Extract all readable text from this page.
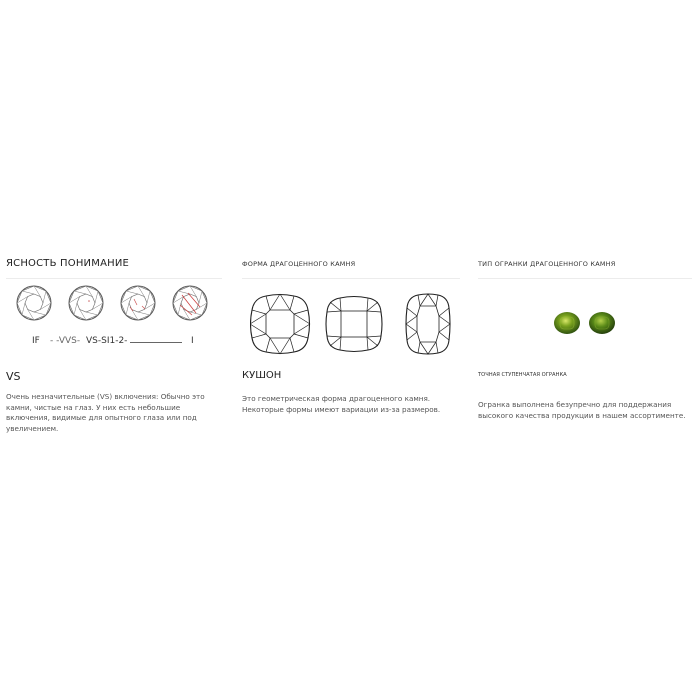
ЯСНОСТЬ ПОНИМАНИЕ
IF - -VVS- VS-SI1-2-	I
VS
Очень незначительные (VS) включения: Обычно это
камни, чистые на глаз. У них есть небольшие
включения, видимые для опытного глаза или под
увеличением.
ФОРМА ДРАГОЦЕННОГО КАМНЯ
КУШОН
Это геометрическая форма драгоценного камня.
Некоторые формы имеют вариации из-за размеров.
ТИП ОГРАНКИ ДРАГОЦЕННОГО КАМНЯ
ТОЧНАЯ СТУПЕНЧАТАЯ ОГРАНКА
Огранка выполнена безупречно для поддержания
высокого качества продукции в нашем ассортименте.
